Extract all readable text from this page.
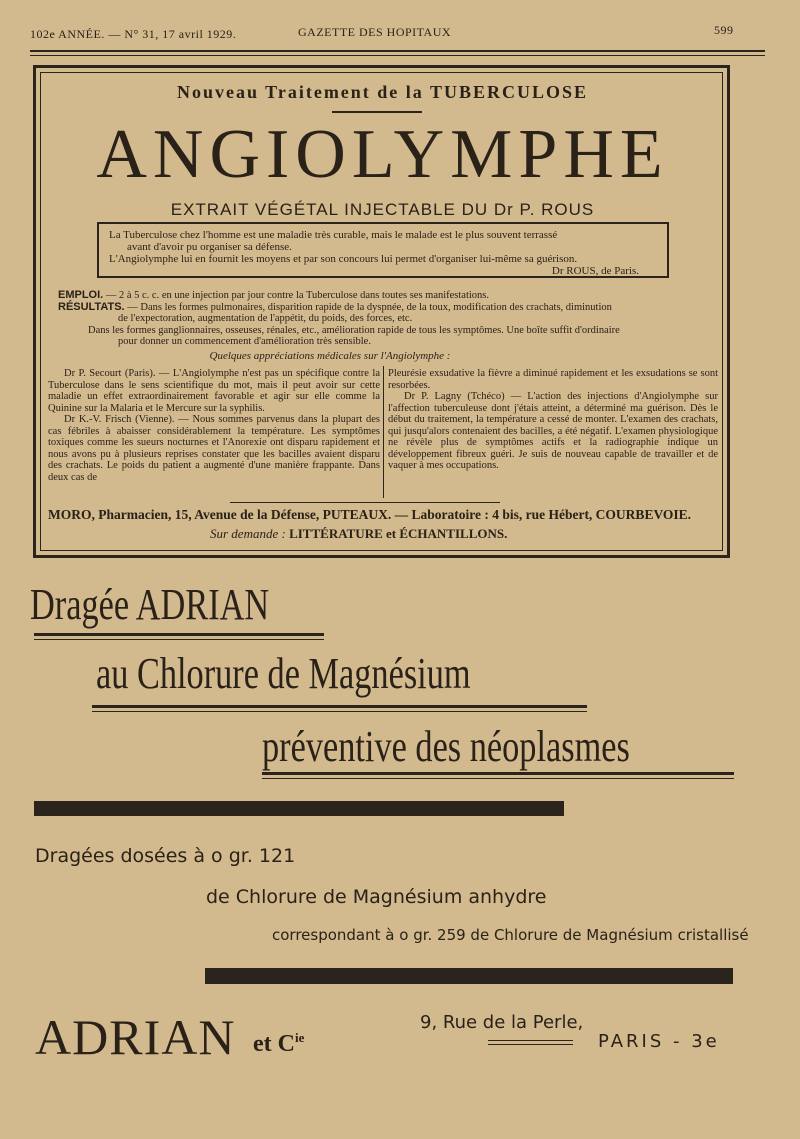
102e ANNÉE. — N° 31, 17 avril 1929.	GAZETTE DES HOPITAUX	599
Nouveau Traitement de la TUBERCULOSE
ANGIOLYMPHE
EXTRAIT VÉGÉTAL INJECTABLE DU Dr P. ROUS
La Tuberculose chez l'homme est une maladie très curable, mais le malade est le plus souvent terrassé
avant d'avoir pu organiser sa défense.
L'Angiolymphe lui en fournit les moyens et par son concours lui permet d'organiser lui-même sa guérison.
Dr ROUS, de Paris.
EMPLOI. — 2 à 5 c. c. en une injection par jour contre la Tuberculose dans toutes ses manifestations.
RÉSULTATS. — Dans les formes pulmonaires, disparition rapide de la dyspnée, de la toux, modification des crachats, diminution
de l'expectoration, augmentation de l'appétit, du poids, des forces, etc.
Dans les formes ganglionnaires, osseuses, rénales, etc., amélioration rapide de tous les symptômes. Une boîte suffit d'ordinaire
pour donner un commencement d'amélioration très sensible.
Quelques appréciations médicales sur l'Angiolymphe :

Dr P. Secourt (Paris). — L'Angiolymphe n'est pas un spécifique contre la Tuberculose dans le sens scientifique du mot, mais il peut avoir sur cette maladie un effet extraordinairement favorable et agir sur elle comme la Quinine sur la Malaria et le Mercure sur la syphilis.

Dr K.-V. Frisch (Vienne). — Nous sommes parvenus dans la plupart des cas fébriles à abaisser considérablement la température. Les symptômes toxiques comme les sueurs nocturnes et l'Anorexie ont disparu rapidement et nous avons pu à plusieurs reprises constater que les bacilles avaient disparu des crachats. Le poids du patient a augmenté d'une manière frappante. Dans deux cas de

Pleurésie exsudative la fièvre a diminué rapidement et les exsudations se sont resorbées.

Dr P. Lagny (Tchéco) — L'action des injections d'Angiolymphe sur l'affection tuberculeuse dont j'étais atteint, a déterminé ma guérison. Dès le début du traitement, la température a cessé de monter. L'examen des crachats, qui jusqu'alors contenaient des bacilles, a été négatif. L'examen physiologique ne révèle plus de symptômes actifs et la radiographie indique un développement fibreux guéri. Je suis de nouveau capable de travailler et de vaquer à mes occupations.

MORO, Pharmacien, 15, Avenue de la Défense, PUTEAUX. — Laboratoire : 4 bis, rue Hébert, COURBEVOIE.
Sur demande : LITTÉRATURE et ÉCHANTILLONS.
Dragée ADRIAN
au Chlorure de Magnésium
préventive des néoplasmes
Dragées dosées à o gr. 121
de Chlorure de Magnésium anhydre
correspondant à o gr. 259 de Chlorure de Magnésium cristallisé
ADRIAN et $C^{ie}$
9, Rue de la Perle,
PARIS - 3e
